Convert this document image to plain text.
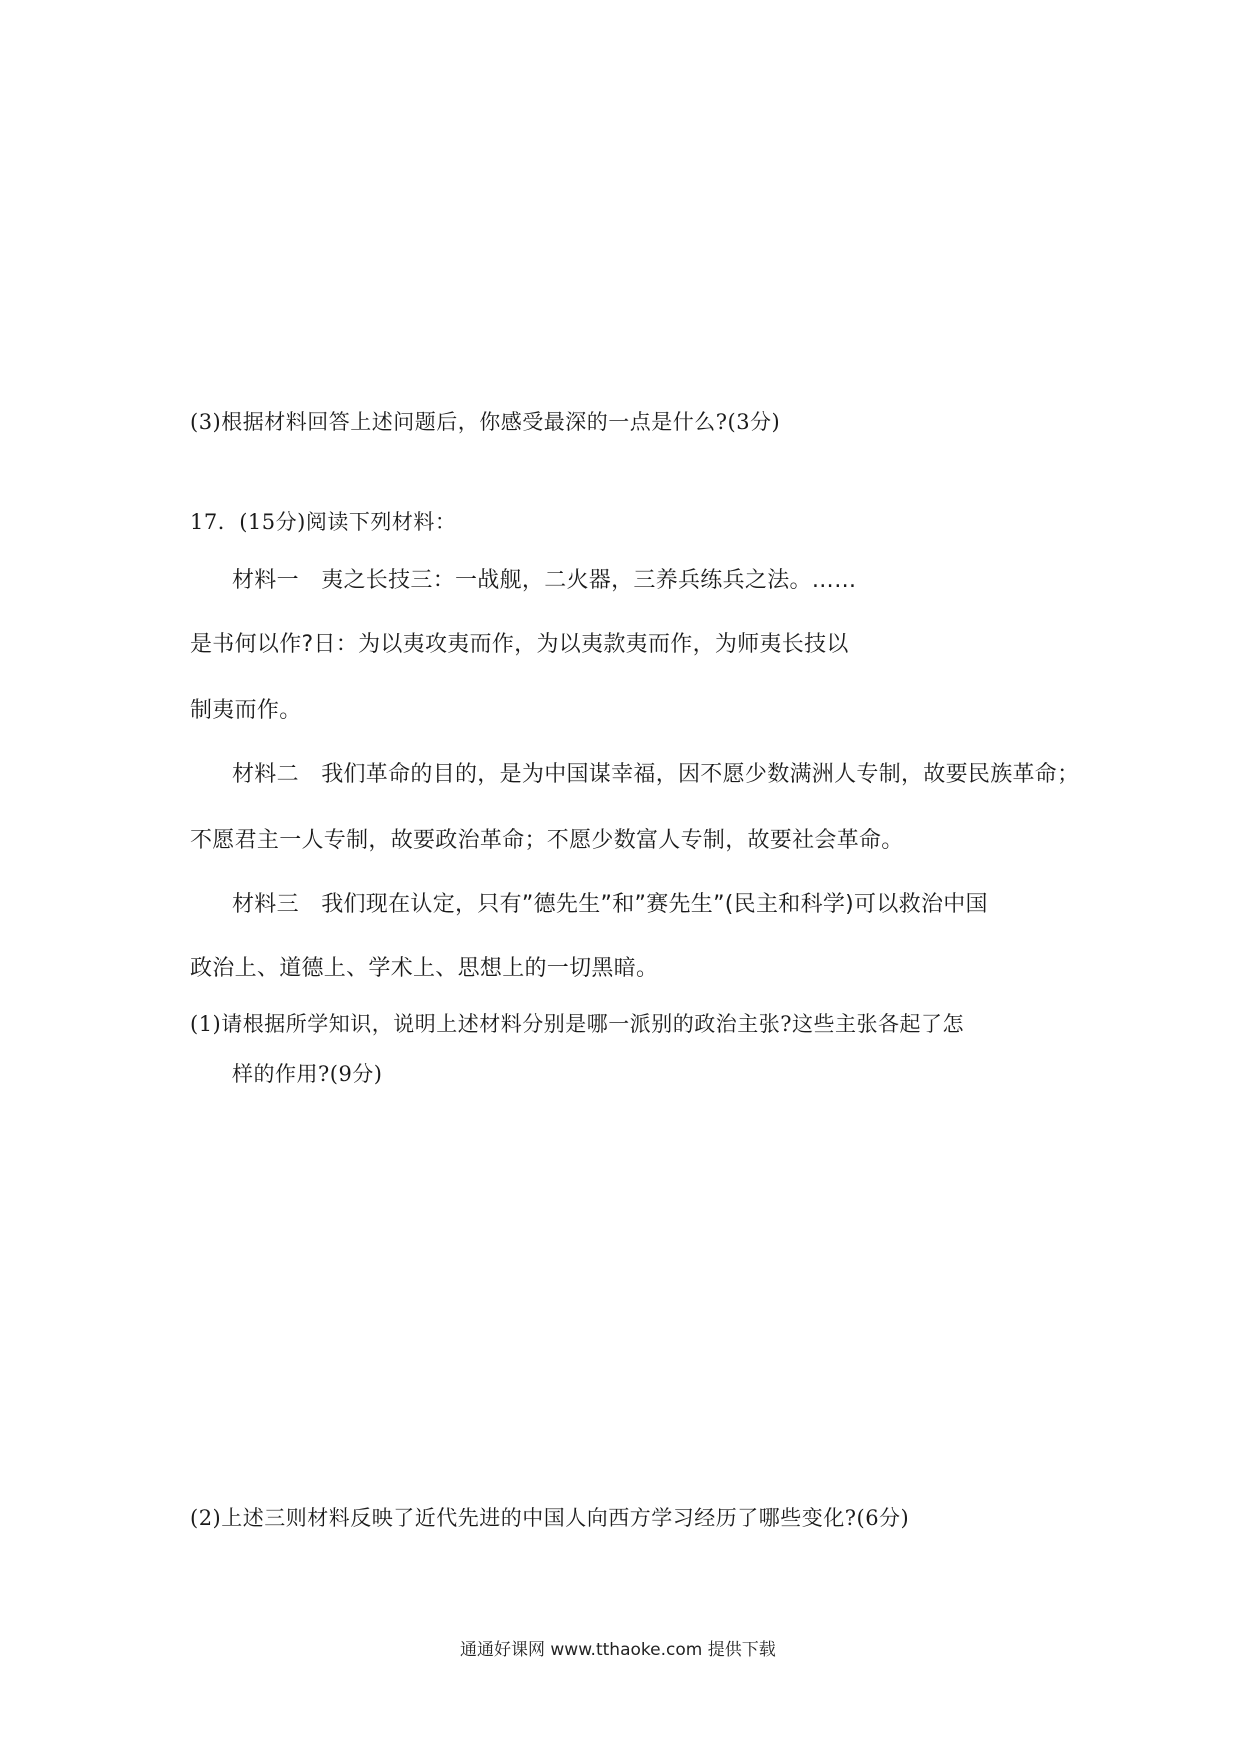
(3)根据材料回答上述问题后，你感受最深的一点是什么?(3分)
17．(15分)阅读下列材料：
材料一　夷之长技三：一战舰，二火器，三养兵练兵之法。……
是书何以作?日：为以夷攻夷而作，为以夷款夷而作，为师夷长技以
制夷而作。
材料二　我们革命的目的，是为中国谋幸福，因不愿少数满洲人专制，故要民族革命；
不愿君主一人专制，故要政治革命；不愿少数富人专制，故要社会革命。
材料三　我们现在认定，只有”德先生”和”赛先生”(民主和科学)可以救治中国
政治上、道德上、学术上、思想上的一切黑暗。
(1)请根据所学知识，说明上述材料分别是哪一派别的政治主张?这些主张各起了怎
样的作用?(9分)
(2)上述三则材料反映了近代先进的中国人向西方学习经历了哪些变化?(6分)
通通好课网 www.tthaoke.com 提供下载
